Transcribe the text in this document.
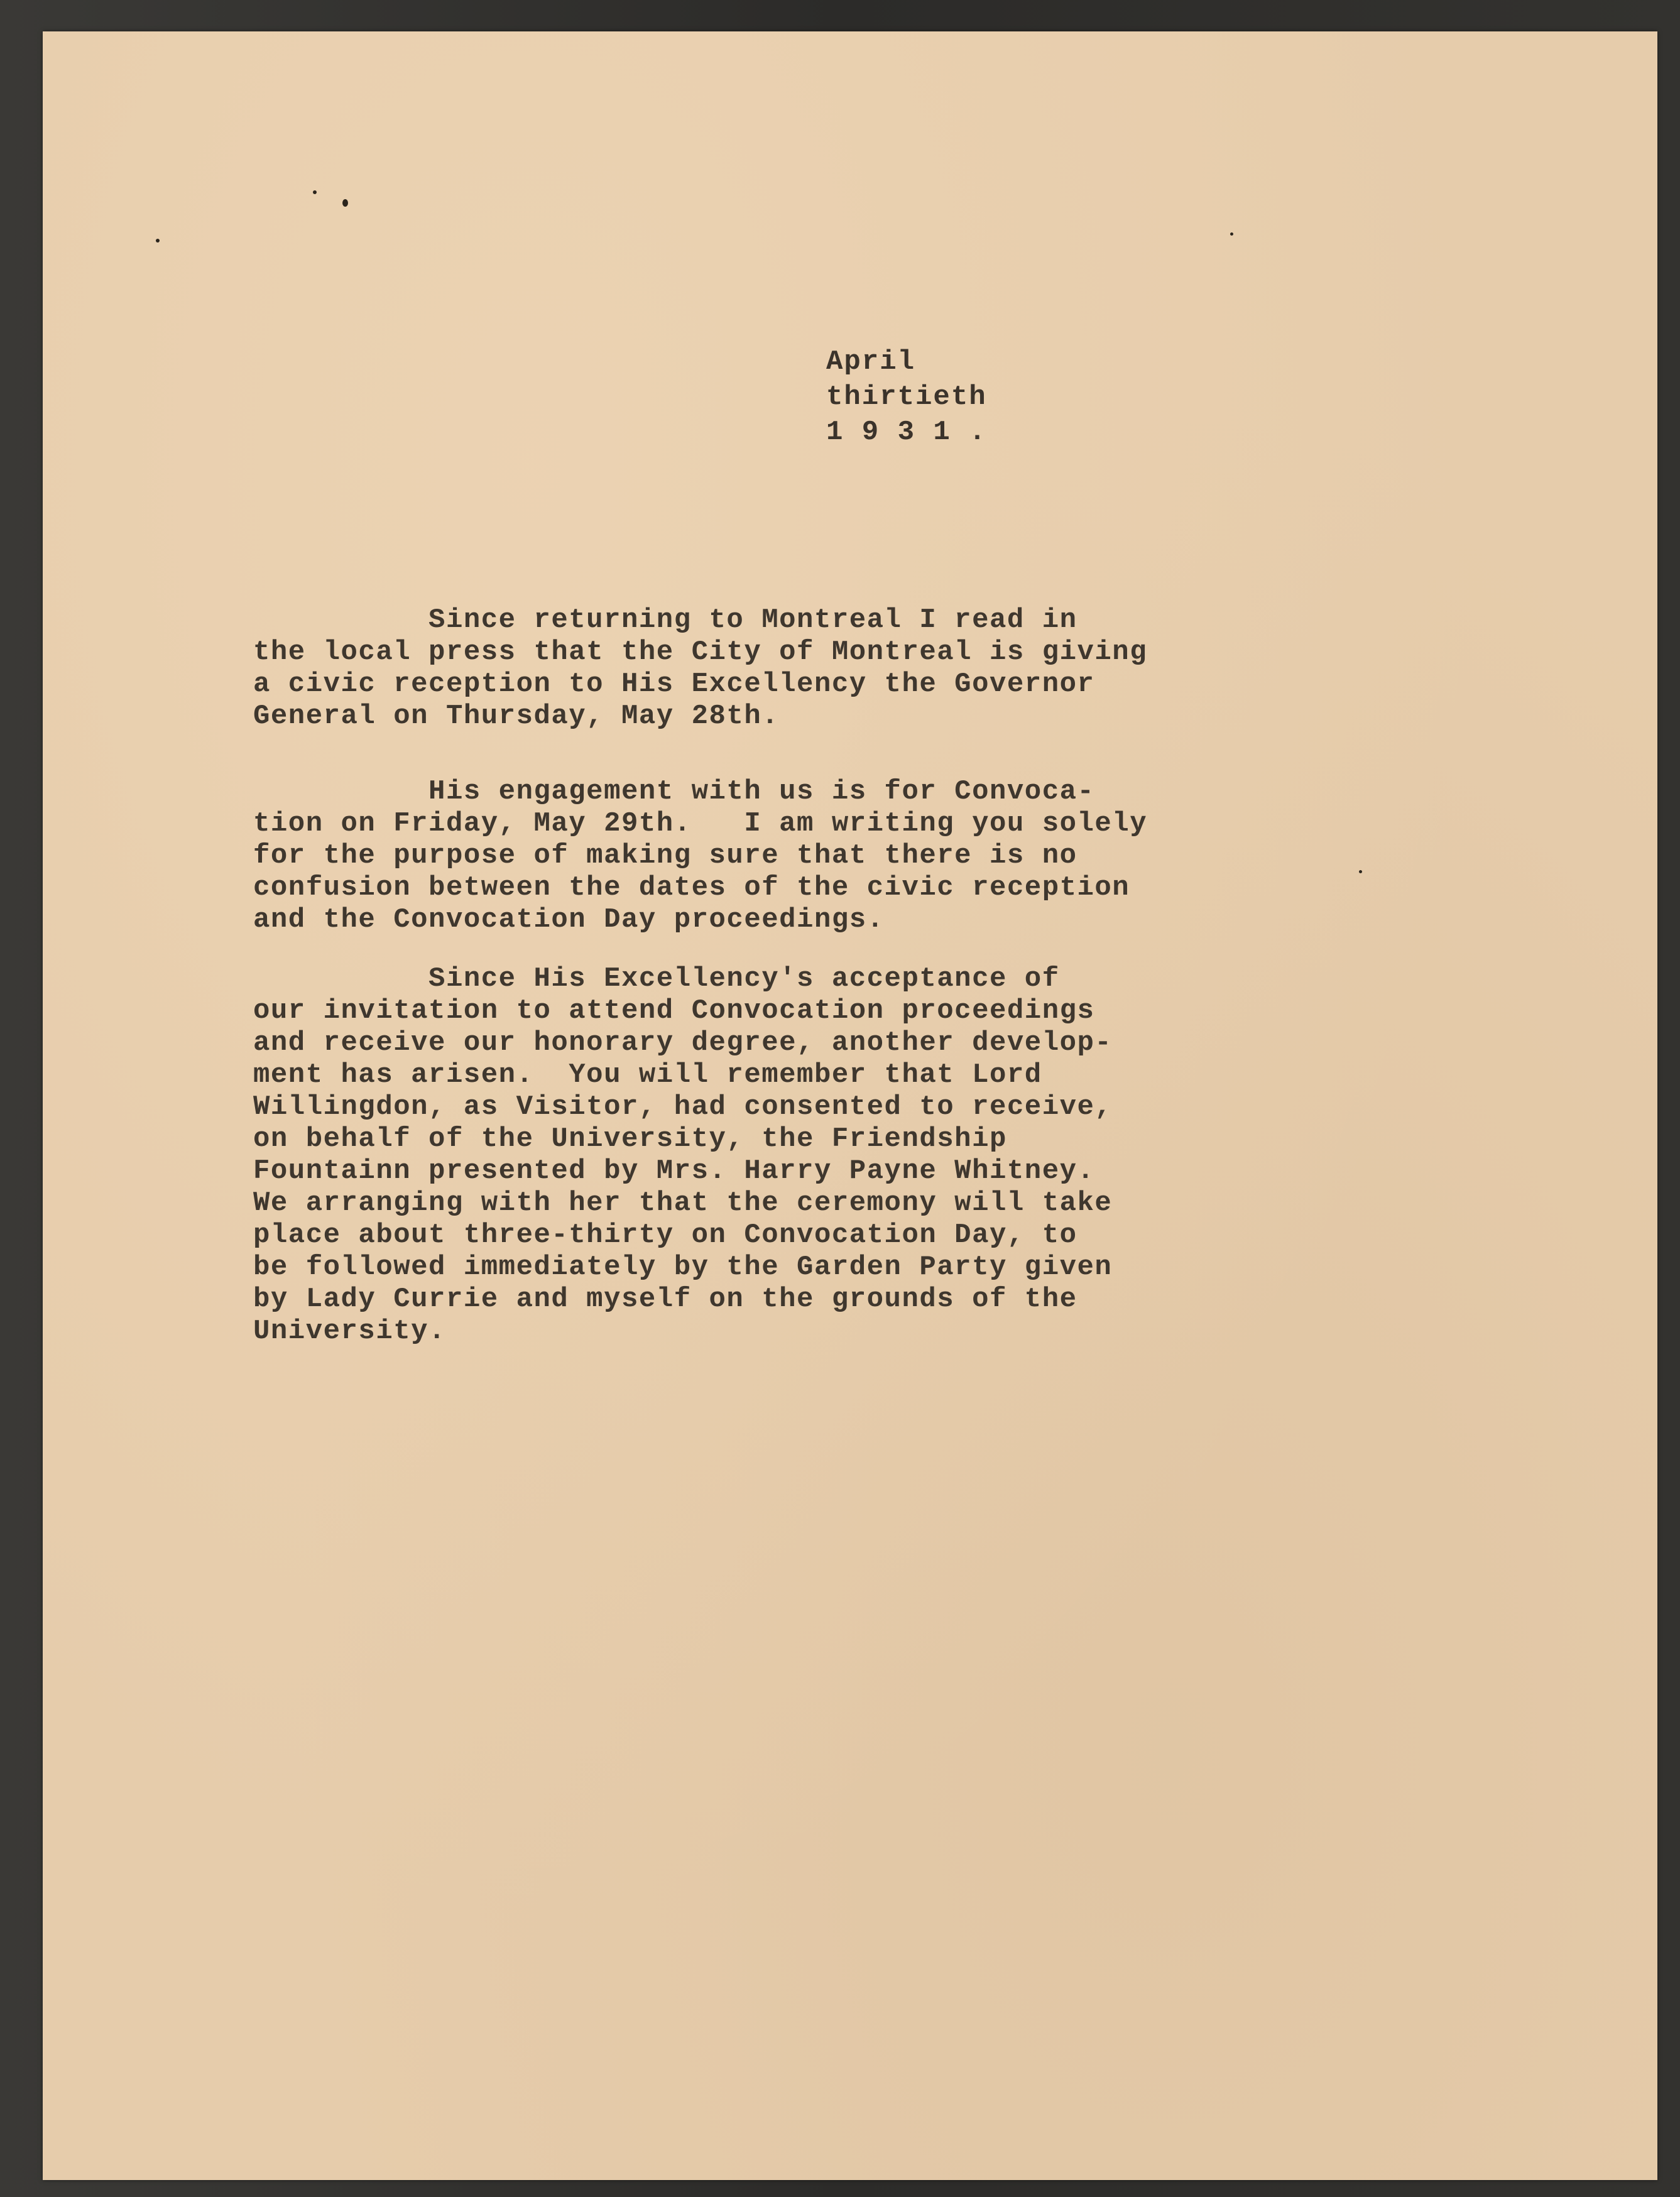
April
thirtieth
1 9 3 1 .
Since returning to Montreal I read in
the local press that the City of Montreal is giving
a civic reception to His Excellency the Governor
General on Thursday, May 28th.
His engagement with us is for Convoca-
tion on Friday, May 29th.   I am writing you solely
for the purpose of making sure that there is no
confusion between the dates of the civic reception
and the Convocation Day proceedings.
Since His Excellency's acceptance of
our invitation to attend Convocation proceedings
and receive our honorary degree, another develop-
ment has arisen.  You will remember that Lord
Willingdon, as Visitor, had consented to receive,
on behalf of the University, the Friendship
Fountainn presented by Mrs. Harry Payne Whitney.
We arranging with her that the ceremony will take
place about three-thirty on Convocation Day, to
be followed immediately by the Garden Party given
by Lady Currie and myself on the grounds of the
University.
